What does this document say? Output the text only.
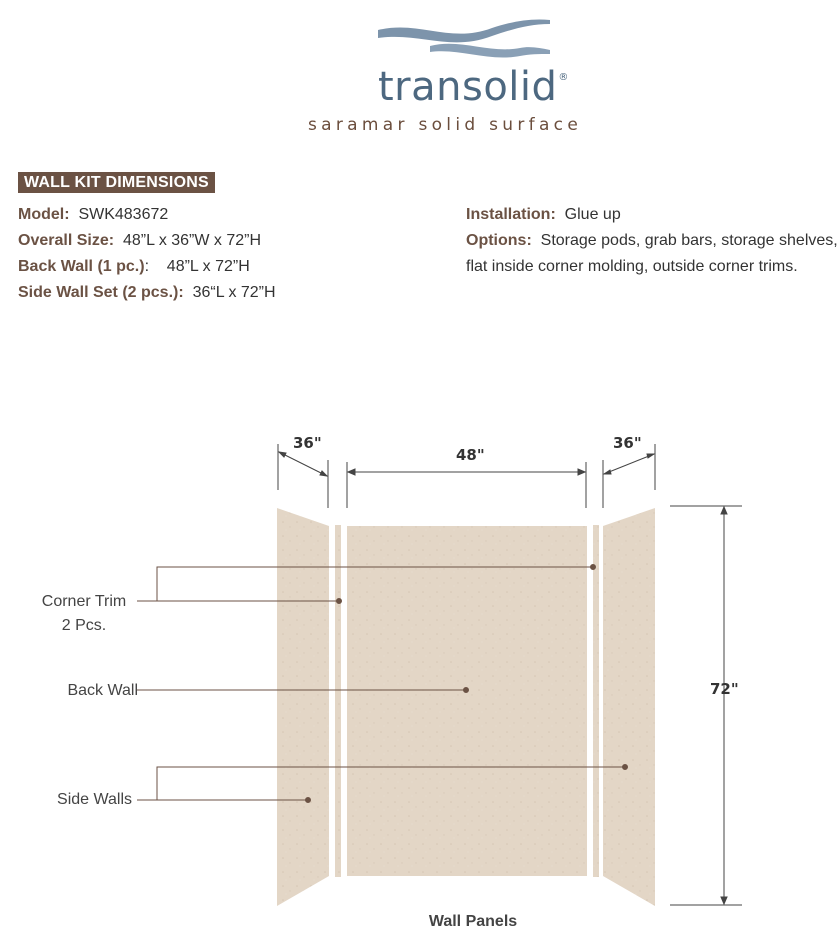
transolid®
saramar solid surface
WALL KIT DIMENSIONS
Model: SWK483672
Overall Size: 48”L x 36”W x 72”H
Back Wall (1 pc.): 48”L x 72”H
Side Wall Set (2 pcs.): 36“L x 72”H
Installation: Glue up
Options: Storage pods, grab bars, storage shelves, flat inside corner molding, outside corner trims.
36"
48"
36"
72"
Corner Trim
2 Pcs.
Back Wall
Side Walls
Wall Panels
